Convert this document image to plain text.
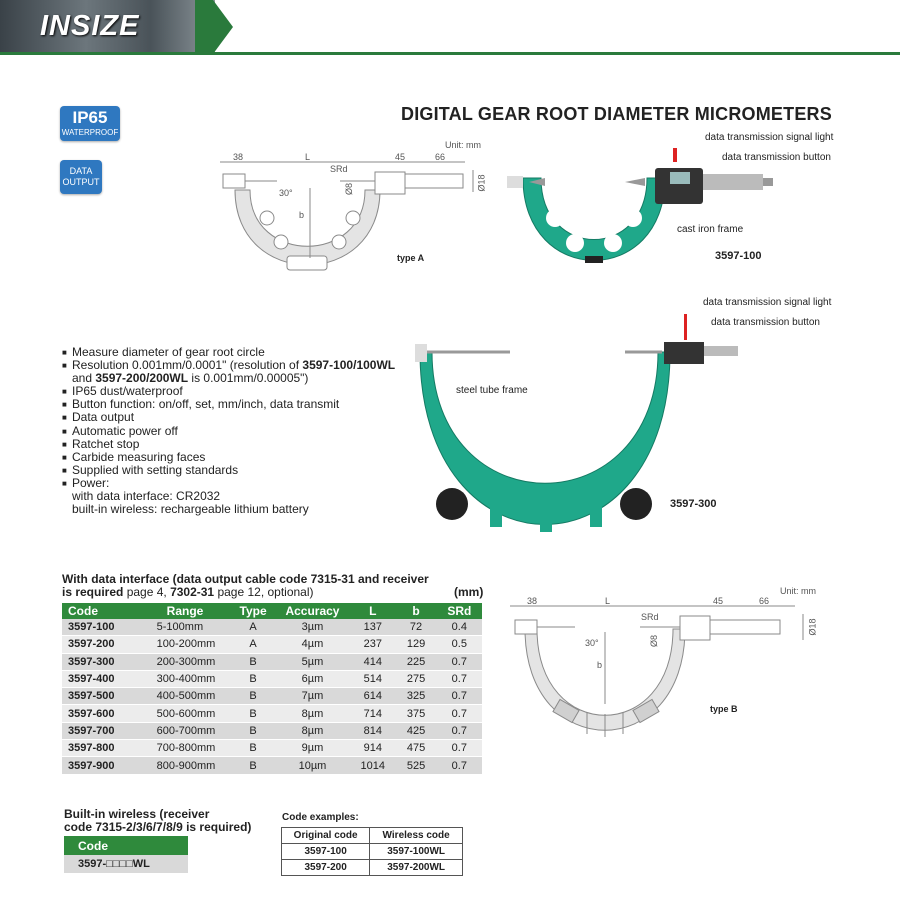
INSIZE
IP65
WATERPROOF
DATA
OUTPUT
DIGITAL GEAR ROOT DIAMETER MICROMETERS
Unit: mm
38	L	45	66
SRd
30°	Ø8	Ø18
b
type A
data transmission signal light
data transmission button
cast iron frame
3597-100
data transmission signal light
data transmission button
steel tube frame
3597-300
■ Measure diameter of gear root circle
■ Resolution 0.001mm/0.0001" (resolution of 3597-100/100WL
and 3597-200/200WL is 0.001mm/0.00005")
■ IP65 dust/waterproof
■ Button function: on/off, set, mm/inch, data transmit
■ Data output
■ Automatic power off
■ Ratchet stop
■ Carbide measuring faces
■ Supplied with setting standards
■ Power:
with data interface: CR2032
built-in wireless: rechargeable lithium battery
With data interface (data output cable code 7315-31 and receiver
is required page 4, 7302-31 page 12, optional)	(mm)
Code	Range	Type	Accuracy	L	b	SRd
3597-100	5-100mm	A	3µm	137	72	0.4
3597-200	100-200mm	A	4µm	237	129	0.5
3597-300	200-300mm	B	5µm	414	225	0.7
3597-400	300-400mm	B	6µm	514	275	0.7
3597-500	400-500mm	B	7µm	614	325	0.7
3597-600	500-600mm	B	8µm	714	375	0.7
3597-700	600-700mm	B	8µm	814	425	0.7
3597-800	700-800mm	B	9µm	914	475	0.7
3597-900	800-900mm	B	10µm	1014	525	0.7
Unit: mm
38	L	45	66
SRd
30°	Ø8
Ø18
b
type B
Built-in wireless (receiver
code 7315-2/3/6/7/8/9 is required)
Code
3597-□□□□WL
Code examples:
Original code	Wireless code
3597-100	3597-100WL
3597-200	3597-200WL
